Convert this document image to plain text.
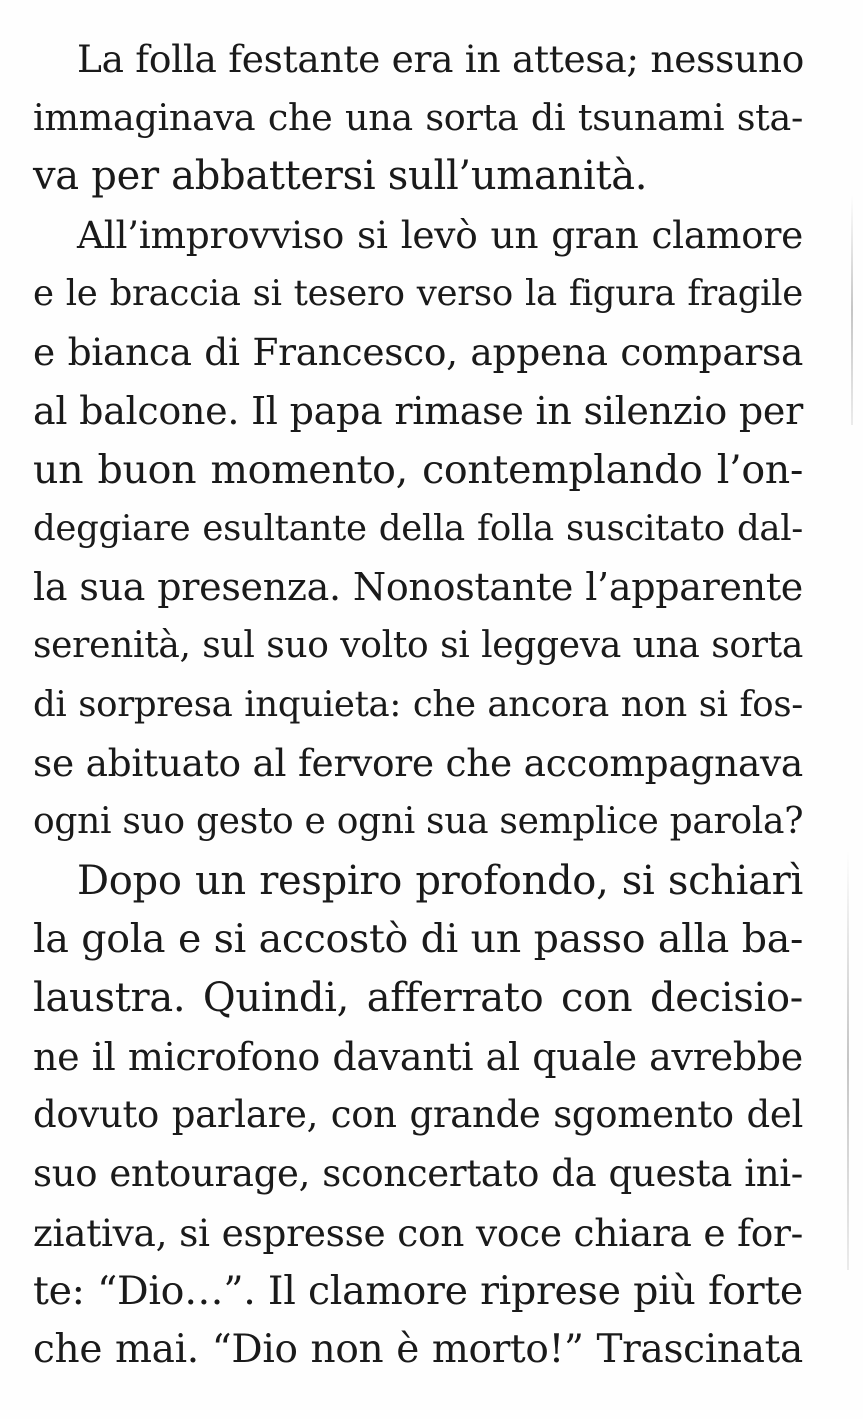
La folla festante era in attesa; nessuno
immaginava che una sorta di tsunami sta-
va per abbattersi sull’umanità.
All’improvviso si levò un gran clamore
e le braccia si tesero verso la figura fragile
e bianca di Francesco, appena comparsa
al balcone. Il papa rimase in silenzio per
un buon momento, contemplando l’on-
deggiare esultante della folla suscitato dal-
la sua presenza. Nonostante l’apparente
serenità, sul suo volto si leggeva una sorta
di sorpresa inquieta: che ancora non si fos-
se abituato al fervore che accompagnava
ogni suo gesto e ogni sua semplice parola?
Dopo un respiro profondo, si schiarì
la gola e si accostò di un passo alla ba-
laustra. Quindi, afferrato con decisio-
ne il microfono davanti al quale avrebbe
dovuto parlare, con grande sgomento del
suo entourage, sconcertato da questa ini-
ziativa, si espresse con voce chiara e for-
te: “Dio…”. Il clamore riprese più forte
che mai. “Dio non è morto!” Trascinata
